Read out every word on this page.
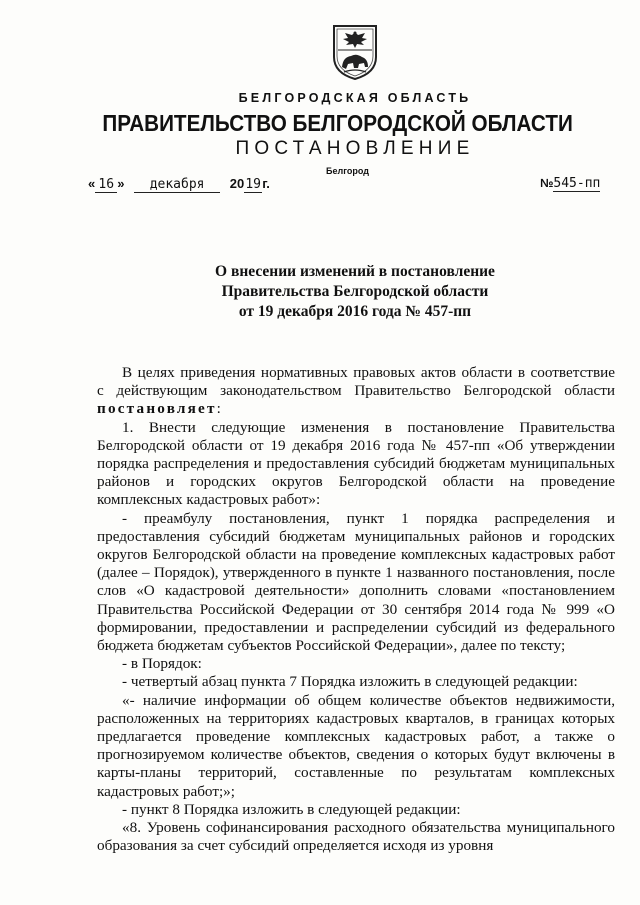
БЕЛГОРОДСКАЯ ОБЛАСТЬ
ПРАВИТЕЛЬСТВО БЕЛГОРОДСКОЙ ОБЛАСТИ
ПОСТАНОВЛЕНИЕ
Белгород
« 16 » декабря 2019г.	№545-пп
О внесении изменений в постановление
Правительства Белгородской области
от 19 декабря 2016 года № 457-пп

В целях приведения нормативных правовых актов области в соответствие

с действующим законодательством Правительство Белгородской области

постановляет:

1. Внести следующие изменения в постановление Правительства

Белгородской области от 19 декабря 2016 года № 457-пп «Об утверждении порядка распределения и предоставления субсидий бюджетам муниципальных районов и городских округов Белгородской области на проведение комплексных кадастровых работ»:

- преамбулу постановления, пункт 1 порядка распределения и предоставления субсидий бюджетам муниципальных районов и городских округов Белгородской области на проведение комплексных кадастровых работ (далее – Порядок), утвержденного в пункте 1 названного постановления, после слов «О кадастровой деятельности» дополнить словами «постановлением Правительства Российской Федерации от 30 сентября 2014 года № 999 «О формировании, предоставлении и распределении субсидий из федерального бюджета бюджетам субъектов Российской Федерации», далее по тексту;

- в Порядок:

- четвертый абзац пункта 7 Порядка изложить в следующей редакции:

«- наличие информации об общем количестве объектов недвижимости, расположенных на территориях кадастровых кварталов, в границах которых предлагается проведение комплексных кадастровых работ, а также о прогнозируемом количестве объектов, сведения о которых будут включены в карты-планы территорий, составленные по результатам комплексных кадастровых работ;»;

- пункт 8 Порядка изложить в следующей редакции:

«8. Уровень софинансирования расходного обязательства муниципального образования за счет субсидий определяется исходя из уровня
